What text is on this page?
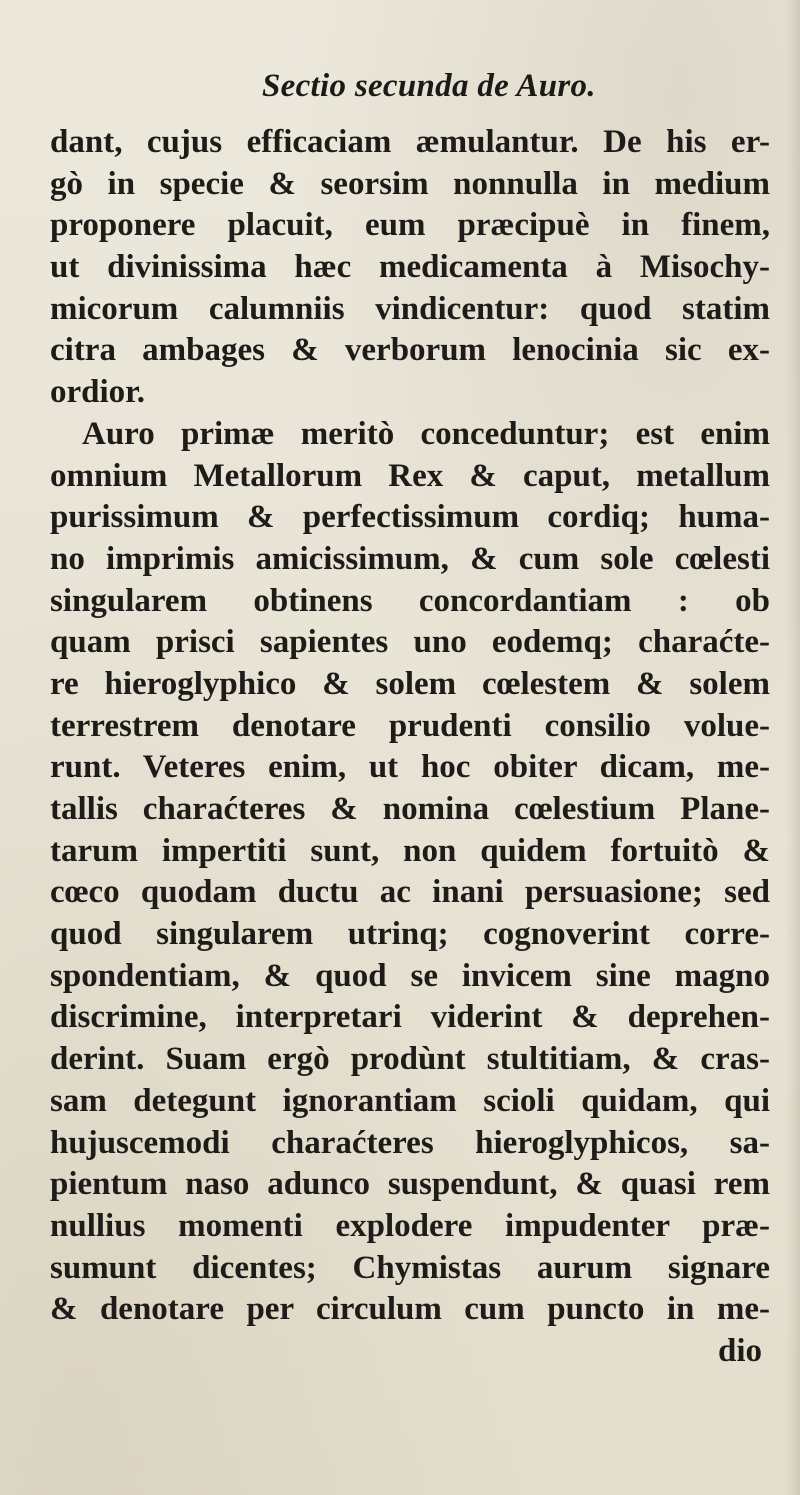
Sectio secunda de Auro.
dant, cujus efficaciam æmulantur. De his er-
gò in specie & seorsim nonnulla in medium
proponere placuit, eum præcipuè in finem,
ut divinissima hæc medicamenta à Misochy-
micorum calumniis vindicentur: quod statim
citra ambages & verborum lenocinia sic ex-
ordior.
Auro primæ meritò conceduntur; est enim
omnium Metallorum Rex & caput, metallum
purissimum & perfectissimum cordiq; huma-
no imprimis amicissimum, & cum sole cœlesti
singularem obtinens concordantiam : ob
quam prisci sapientes uno eodemq; charaćte-
re hieroglyphico & solem cœlestem & solem
terrestrem denotare prudenti consilio volue-
runt. Veteres enim, ut hoc obiter dicam, me-
tallis charaćteres & nomina cœlestium Plane-
tarum impertiti sunt, non quidem fortuitò &
cœco quodam ductu ac inani persuasione; sed
quod singularem utrinq; cognoverint corre-
spondentiam, & quod se invicem sine magno
discrimine, interpretari viderint & deprehen-
derint. Suam ergò prodùnt stultitiam, & cras-
sam detegunt ignorantiam scioli quidam, qui
hujuscemodi charaćteres hieroglyphicos, sa-
pientum naso adunco suspendunt, & quasi rem
nullius momenti explodere impudenter præ-
sumunt dicentes; Chymistas aurum signare
& denotare per circulum cum puncto in me-
dio
